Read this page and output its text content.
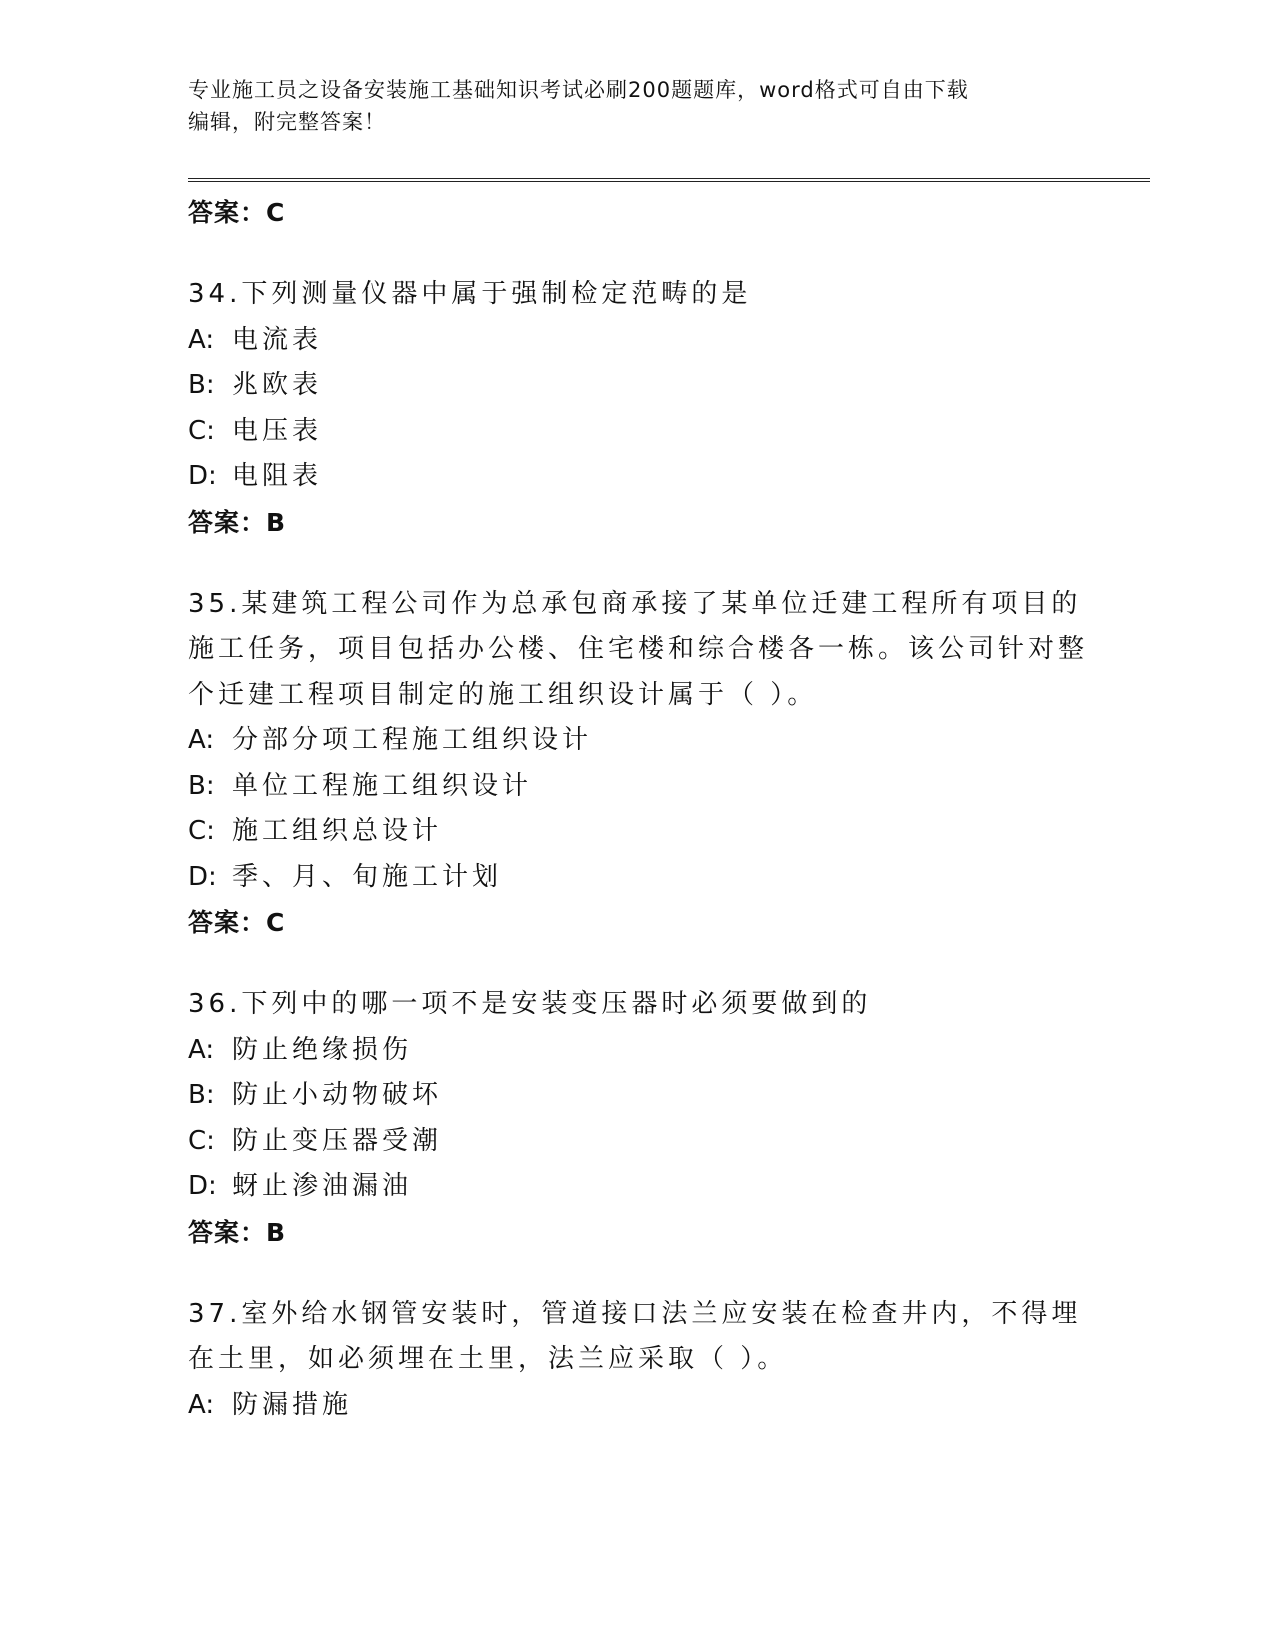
专业施工员之设备安装施工基础知识考试必刷200题题库，word格式可自由下载
编辑，附完整答案！

答案：C

34.下列测量仪器中属于强制检定范畴的是

A: 电流表

B: 兆欧表

C: 电压表

D: 电阻表

答案：B

35.某建筑工程公司作为总承包商承接了某单位迁建工程所有项目的施工任务，项目包括办公楼、住宅楼和综合楼各一栋。该公司针对整个迁建工程项目制定的施工组织设计属于（ ）。

A: 分部分项工程施工组织设计

B: 单位工程施工组织设计

C: 施工组织总设计

D: 季、月、旬施工计划

答案：C

36.下列中的哪一项不是安装变压器时必须要做到的

A: 防止绝缘损伤

B: 防止小动物破坏

C: 防止变压器受潮

D: 蚜止渗油漏油

答案：B

37.室外给水钢管安装时，管道接口法兰应安装在检查井内，不得埋在土里，如必须埋在土里，法兰应采取（ ）。

A: 防漏措施
